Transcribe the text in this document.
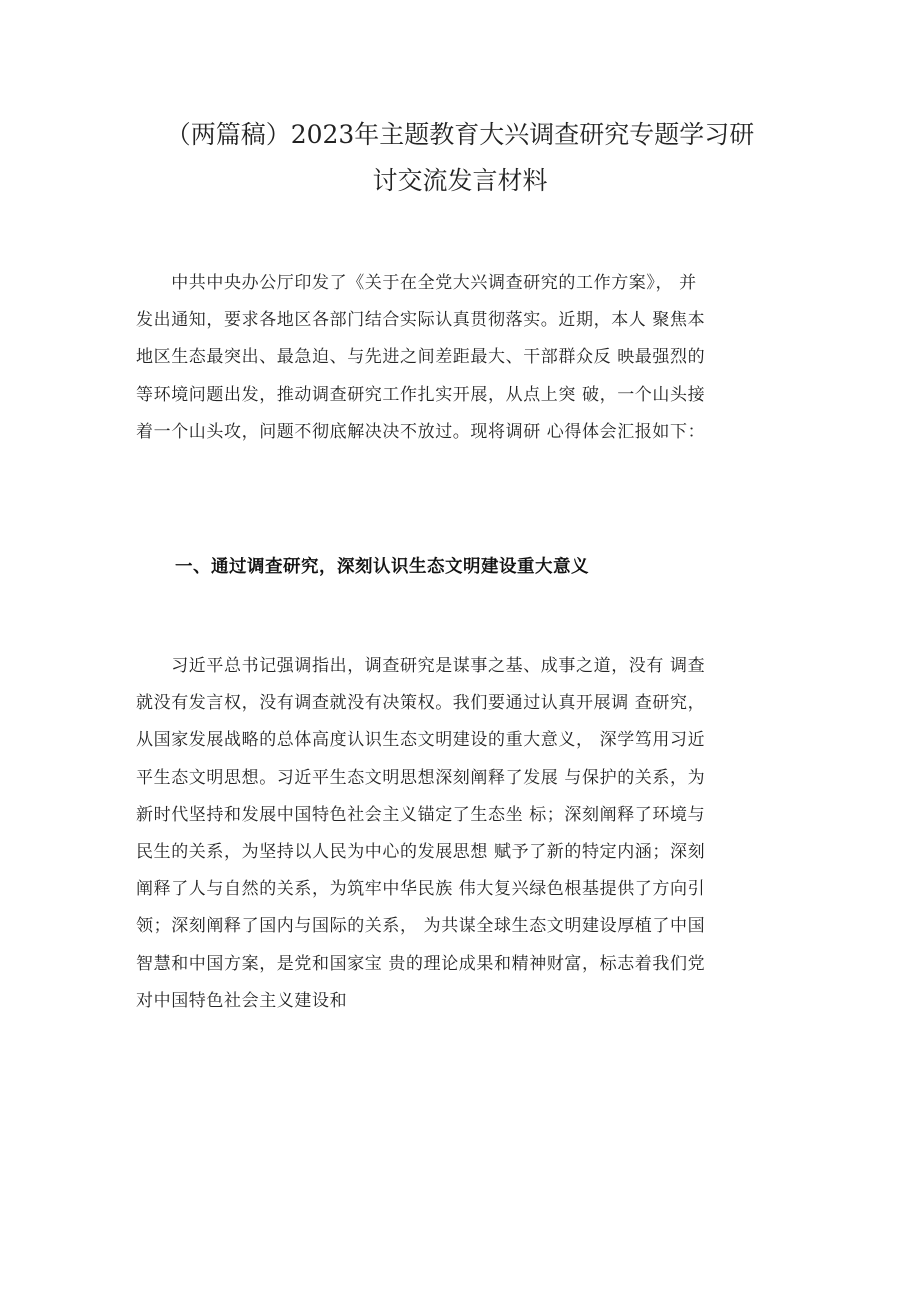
（两篇稿）2023年主题教育大兴调查研究专题学习研
讨交流发言材料
　　中共中央办公厅印发了《关于在全党大兴调查研究的工作方案》， 并
发出通知，要求各地区各部门结合实际认真贯彻落实。近期，本人 聚焦本
地区生态最突出、最急迫、与先进之间差距最大、干部群众反 映最强烈的
等环境问题出发，推动调查研究工作扎实开展，从点上突 破，一个山头接
着一个山头攻，问题不彻底解决决不放过。现将调研 心得体会汇报如下：
一、通过调查研究，深刻认识生态文明建设重大意义
　　习近平总书记强调指出，调查研究是谋事之基、成事之道，没有 调查
就没有发言权，没有调查就没有决策权。我们要通过认真开展调 查研究，
从国家发展战略的总体高度认识生态文明建设的重大意义， 深学笃用习近
平生态文明思想。习近平生态文明思想深刻阐释了发展 与保护的关系，为
新时代坚持和发展中国特色社会主义锚定了生态坐 标；深刻阐释了环境与
民生的关系，为坚持以人民为中心的发展思想 赋予了新的特定内涵；深刻
阐释了人与自然的关系，为筑牢中华民族 伟大复兴绿色根基提供了方向引
领；深刻阐释了国内与国际的关系， 为共谋全球生态文明建设厚植了中国
智慧和中国方案，是党和国家宝 贵的理论成果和精神财富，标志着我们党
对中国特色社会主义建设和
